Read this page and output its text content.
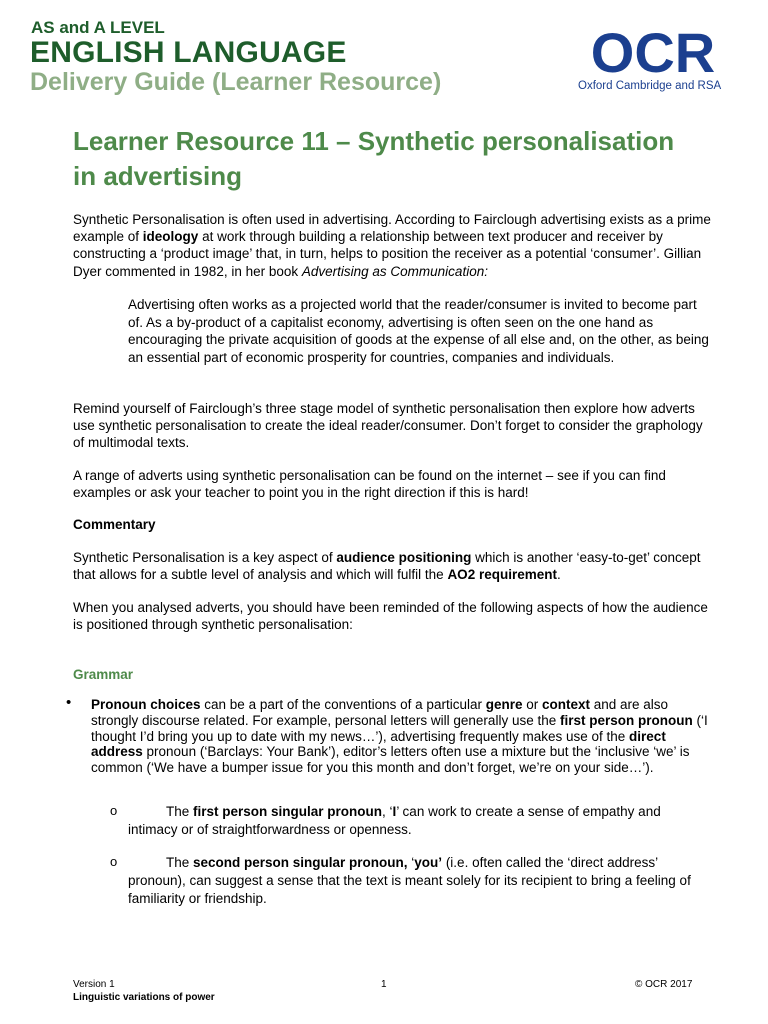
AS and A LEVEL
ENGLISH LANGUAGE
Delivery Guide (Learner Resource)	OCR
Oxford Cambridge and RSA
Learner Resource 11 – Synthetic personalisation in advertising

Synthetic Personalisation is often used in advertising. According to Fairclough advertising exists as a prime example of ideology at work through building a relationship between text producer and receiver by constructing a ‘product image’ that, in turn, helps to position the receiver as a potential ‘consumer’. Gillian Dyer commented in 1982, in her book Advertising as Communication:

Advertising often works as a projected world that the reader/consumer is invited to become part of. As a by-product of a capitalist economy, advertising is often seen on the one hand as encouraging the private acquisition of goods at the expense of all else and, on the other, as being an essential part of economic prosperity for countries, companies and individuals.

Remind yourself of Fairclough’s three stage model of synthetic personalisation then explore how adverts use synthetic personalisation to create the ideal reader/consumer. Don’t forget to consider the graphology of multimodal texts.

A range of adverts using synthetic personalisation can be found on the internet – see if you can find examples or ask your teacher to point you in the right direction if this is hard!

Commentary

Synthetic Personalisation is a key aspect of audience positioning which is another ‘easy-to-get’ concept that allows for a subtle level of analysis and which will fulfil the AO2 requirement.

When you analysed adverts, you should have been reminded of the following aspects of how the audience is positioned through synthetic personalisation:

Grammar
• Pronoun choices can be a part of the conventions of a particular genre or context and are also strongly discourse related. For example, personal letters will generally use the first person pronoun (‘I thought I’d bring you up to date with my news…’), advertising frequently makes use of the direct address pronoun (‘Barclays: Your Bank’), editor’s letters often use a mixture but the ‘inclusive ‘we’ is common (‘We have a bumper issue for you this month and don’t forget, we’re on your side…’).

o	The first person singular pronoun, ‘I’ can work to create a sense of empathy and intimacy or of straightforwardness or openness.

o	The second person singular pronoun, ‘you’ (i.e. often called the ‘direct address’ pronoun), can suggest a sense that the text is meant solely for its recipient to bring a feeling of familiarity or friendship.

Version 1	1	© OCR 2017
Linguistic variations of power
